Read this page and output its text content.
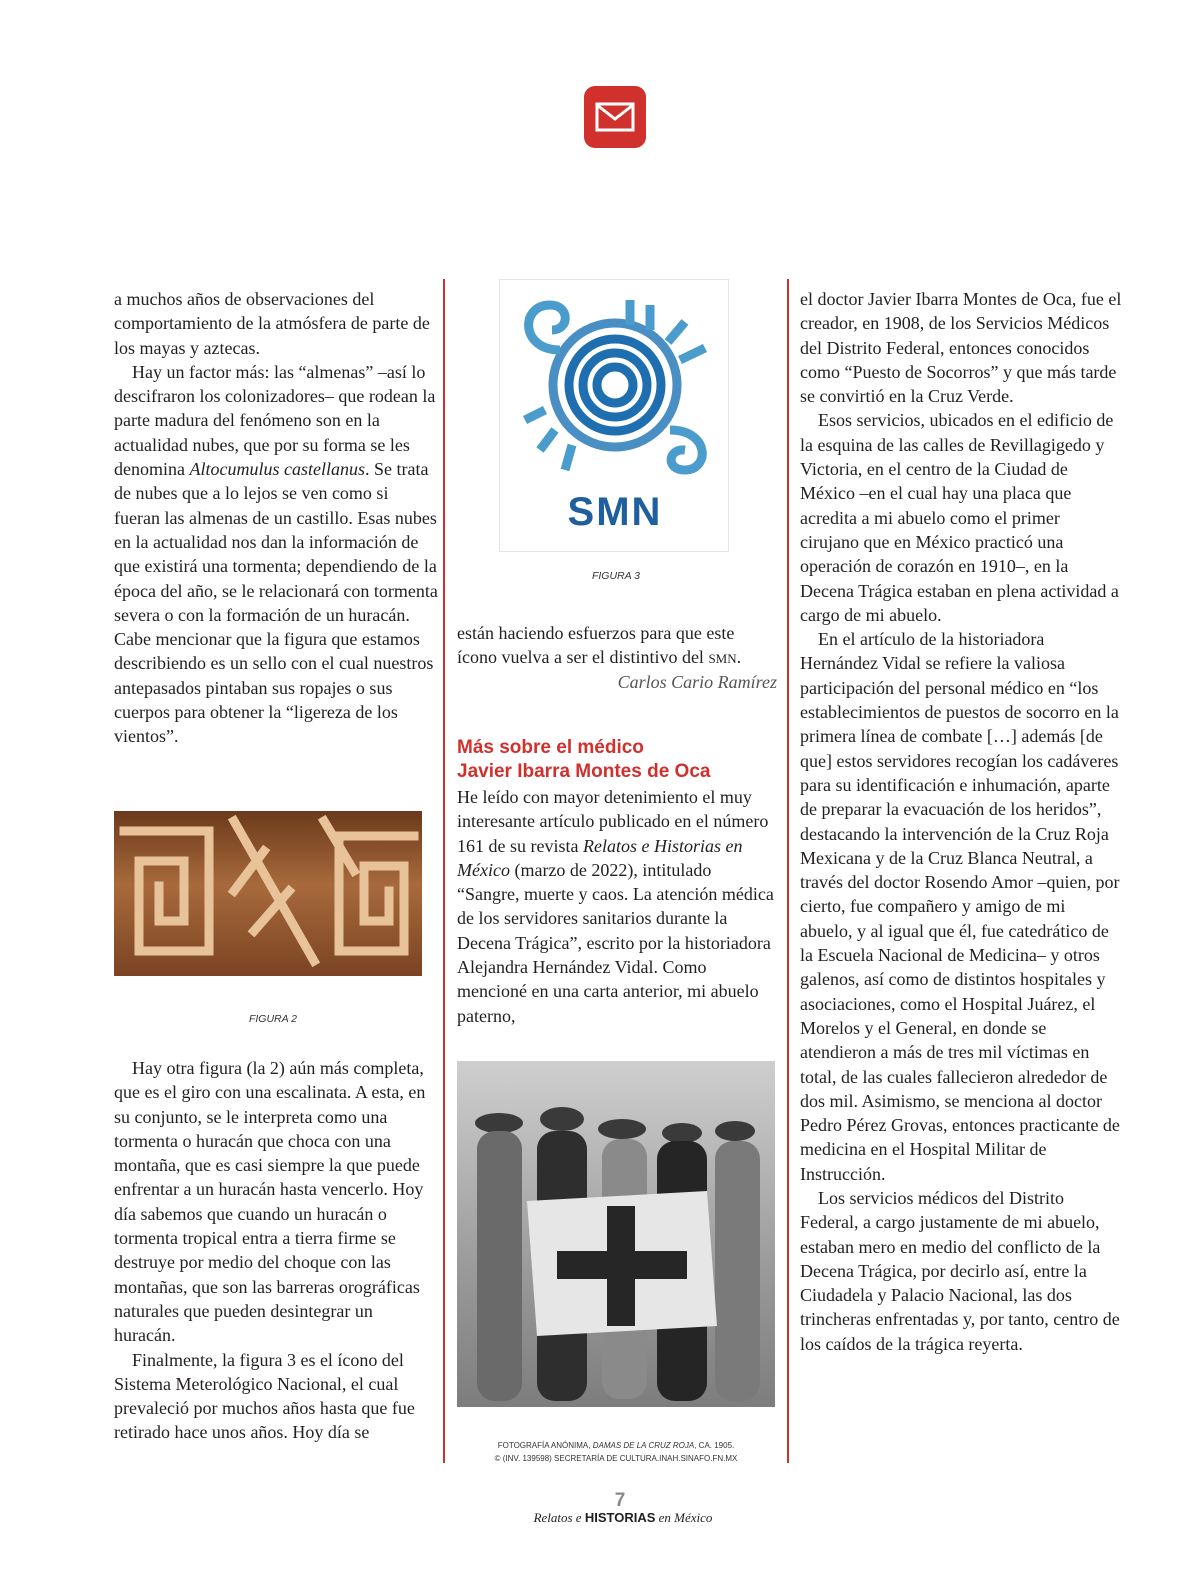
a muchos años de observaciones del comportamiento de la atmósfera de parte de los mayas y aztecas.

Hay un factor más: las “almenas” –así lo descifraron los colonizadores– que rodean la parte madura del fenómeno son en la actualidad nubes, que por su forma se les denomina Altocumulus castellanus. Se trata de nubes que a lo lejos se ven como si fueran las almenas de un castillo. Esas nubes en la actualidad nos dan la información de que existirá una tormenta; dependiendo de la época del año, se le relacionará con tormenta severa o con la formación de un huracán. Cabe mencionar que la figura que estamos describiendo es un sello con el cual nuestros antepasados pintaban sus ropajes o sus cuerpos para obtener la “ligereza de los vientos”.

FIGURA 2

Hay otra figura (la 2) aún más completa, que es el giro con una escalinata. A esta, en su conjunto, se le interpreta como una tormenta o huracán que choca con una montaña, que es casi siempre la que puede enfrentar a un huracán hasta vencerlo. Hoy día sabemos que cuando un huracán o tormenta tropical entra a tierra firme se destruye por medio del choque con las montañas, que son las barreras orográficas naturales que pueden desintegrar un huracán.

Finalmente, la figura 3 es el ícono del Sistema Meterológico Nacional, el cual prevaleció por muchos años hasta que fue retirado hace unos años. Hoy día se

SMN
FIGURA 3

están haciendo esfuerzos para que este ícono vuelva a ser el distintivo del smn.

Carlos Cario Ramírez

Más sobre el médico
Javier Ibarra Montes de Oca

He leído con mayor detenimiento el muy interesante artículo publicado en el número 161 de su revista Relatos e Historias en México (marzo de 2022), intitulado “Sangre, muerte y caos. La atención médica de los servidores sanitarios durante la Decena Trágica”, escrito por la historiadora Alejandra Hernández Vidal. Como mencioné en una carta anterior, mi abuelo paterno,

FOTOGRAFÍA ANÓNIMA, DAMAS DE LA CRUZ ROJA, CA. 1905.
© (INV. 139598) SECRETARÍA DE CULTURA.INAH.SINAFO.FN.MX

el doctor Javier Ibarra Montes de Oca, fue el creador, en 1908, de los Servicios Médicos del Distrito Federal, entonces conocidos como “Puesto de Socorros” y que más tarde se convirtió en la Cruz Verde.

Esos servicios, ubicados en el edificio de la esquina de las calles de Revillagigedo y Victoria, en el centro de la Ciudad de México –en el cual hay una placa que acredita a mi abuelo como el primer cirujano que en México practicó una operación de corazón en 1910–, en la Decena Trágica estaban en plena actividad a cargo de mi abuelo.

En el artículo de la historiadora Hernández Vidal se refiere la valiosa participación del personal médico en “los establecimientos de puestos de socorro en la primera línea de combate […] además [de que] estos servidores recogían los cadáveres para su identificación e inhumación, aparte de preparar la evacuación de los heridos”, destacando la intervención de la Cruz Roja Mexicana y de la Cruz Blanca Neutral, a través del doctor Rosendo Amor –quien, por cierto, fue compañero y amigo de mi abuelo, y al igual que él, fue catedrático de la Escuela Nacional de Medicina– y otros galenos, así como de distintos hospitales y asociaciones, como el Hospital Juárez, el Morelos y el General, en donde se atendieron a más de tres mil víctimas en total, de las cuales fallecieron alrededor de dos mil. Asimismo, se menciona al doctor Pedro Pérez Grovas, entonces practicante de medicina en el Hospital Militar de Instrucción.

Los servicios médicos del Distrito Federal, a cargo justamente de mi abuelo, estaban mero en medio del conflicto de la Decena Trágica, por decirlo así, entre la Ciudadela y Palacio Nacional, las dos trincheras enfrentadas y, por tanto, centro de los caídos de la trágica reyerta.

7
Relatos e HISTORIAS en México
